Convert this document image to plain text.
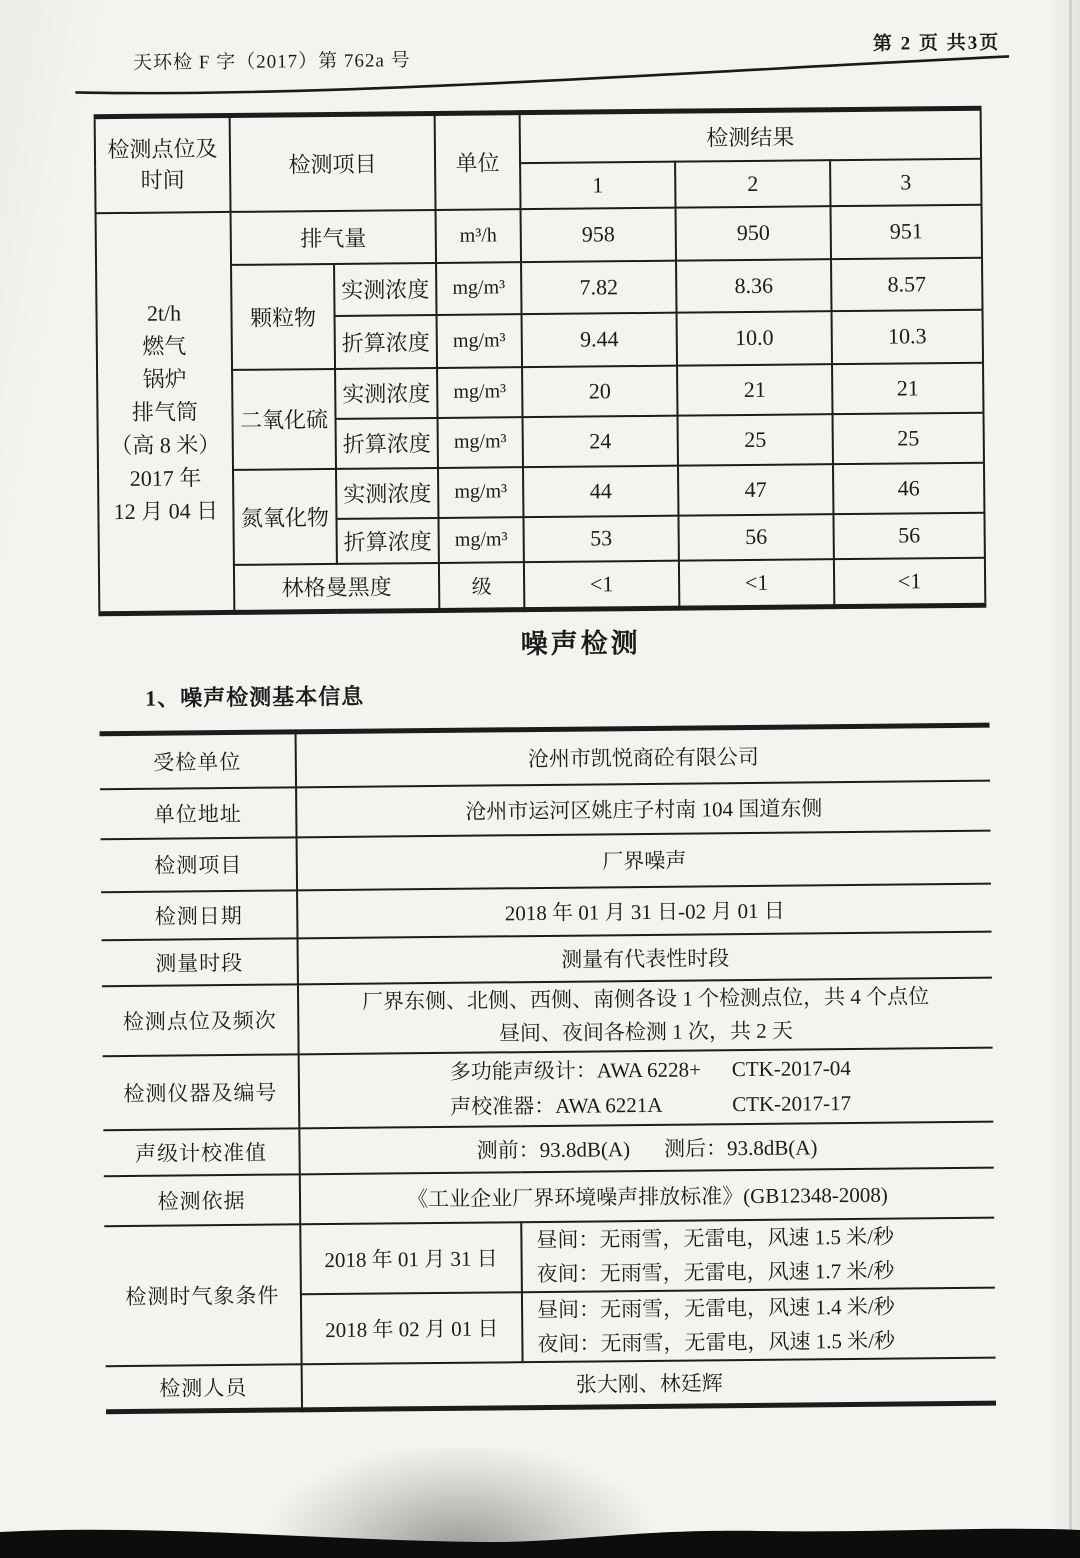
天环检 F 字（2017）第 762a 号
第 2 页 共3页
检测点位及
时间	检测项目		单位	检测结果		
				1	2	3
2t/h
燃气
锅炉
排气筒
（高 8 米）
2017 年
12 月 04 日	排气量	m³/h	958	950	951
	颗粒物	实测浓度	mg/m³	7.82	8.36	8.57
		折算浓度	mg/m³	9.44	10.0	10.3
	二氧化硫	实测浓度	mg/m³	20	21	21
		折算浓度	mg/m³	24	25	25
	氮氧化物	实测浓度	mg/m³	44	47	46
		折算浓度	mg/m³	53	56	56
	林格曼黑度		级	<1	<1	<1
噪声检测
1、噪声检测基本信息
受检单位	沧州市凯悦商砼有限公司	
单位地址	沧州市运河区姚庄子村南 104 国道东侧	
检测项目	厂界噪声	
检测日期	2018 年 01 月 31 日-02 月 01 日	
测量时段	测量有代表性时段	
检测点位及频次	厂界东侧、北侧、西侧、南侧各设 1 个检测点位，共 4 个点位
昼间、夜间各检测 1 次，共 2 天	
检测仪器及编号	多功能声级计：AWA 6228+ CTK-2017-04
声校准器：AWA 6221A CTK-2017-17	

声级计校准值	测前：93.8dB(A) 测后：93.8dB(A)	

检测依据	《工业企业厂界环境噪声排放标准》(GB12348-2008)	
检测时气象条件	2018 年 01 月 31 日	昼间：无雨雪，无雷电，风速 1.5 米/秒
夜间：无雨雪，无雷电，风速 1.7 米/秒
	2018 年 02 月 01 日	昼间：无雨雪，无雷电，风速 1.4 米/秒
夜间：无雨雪，无雷电，风速 1.5 米/秒
检测人员	张大刚、林廷辉	
